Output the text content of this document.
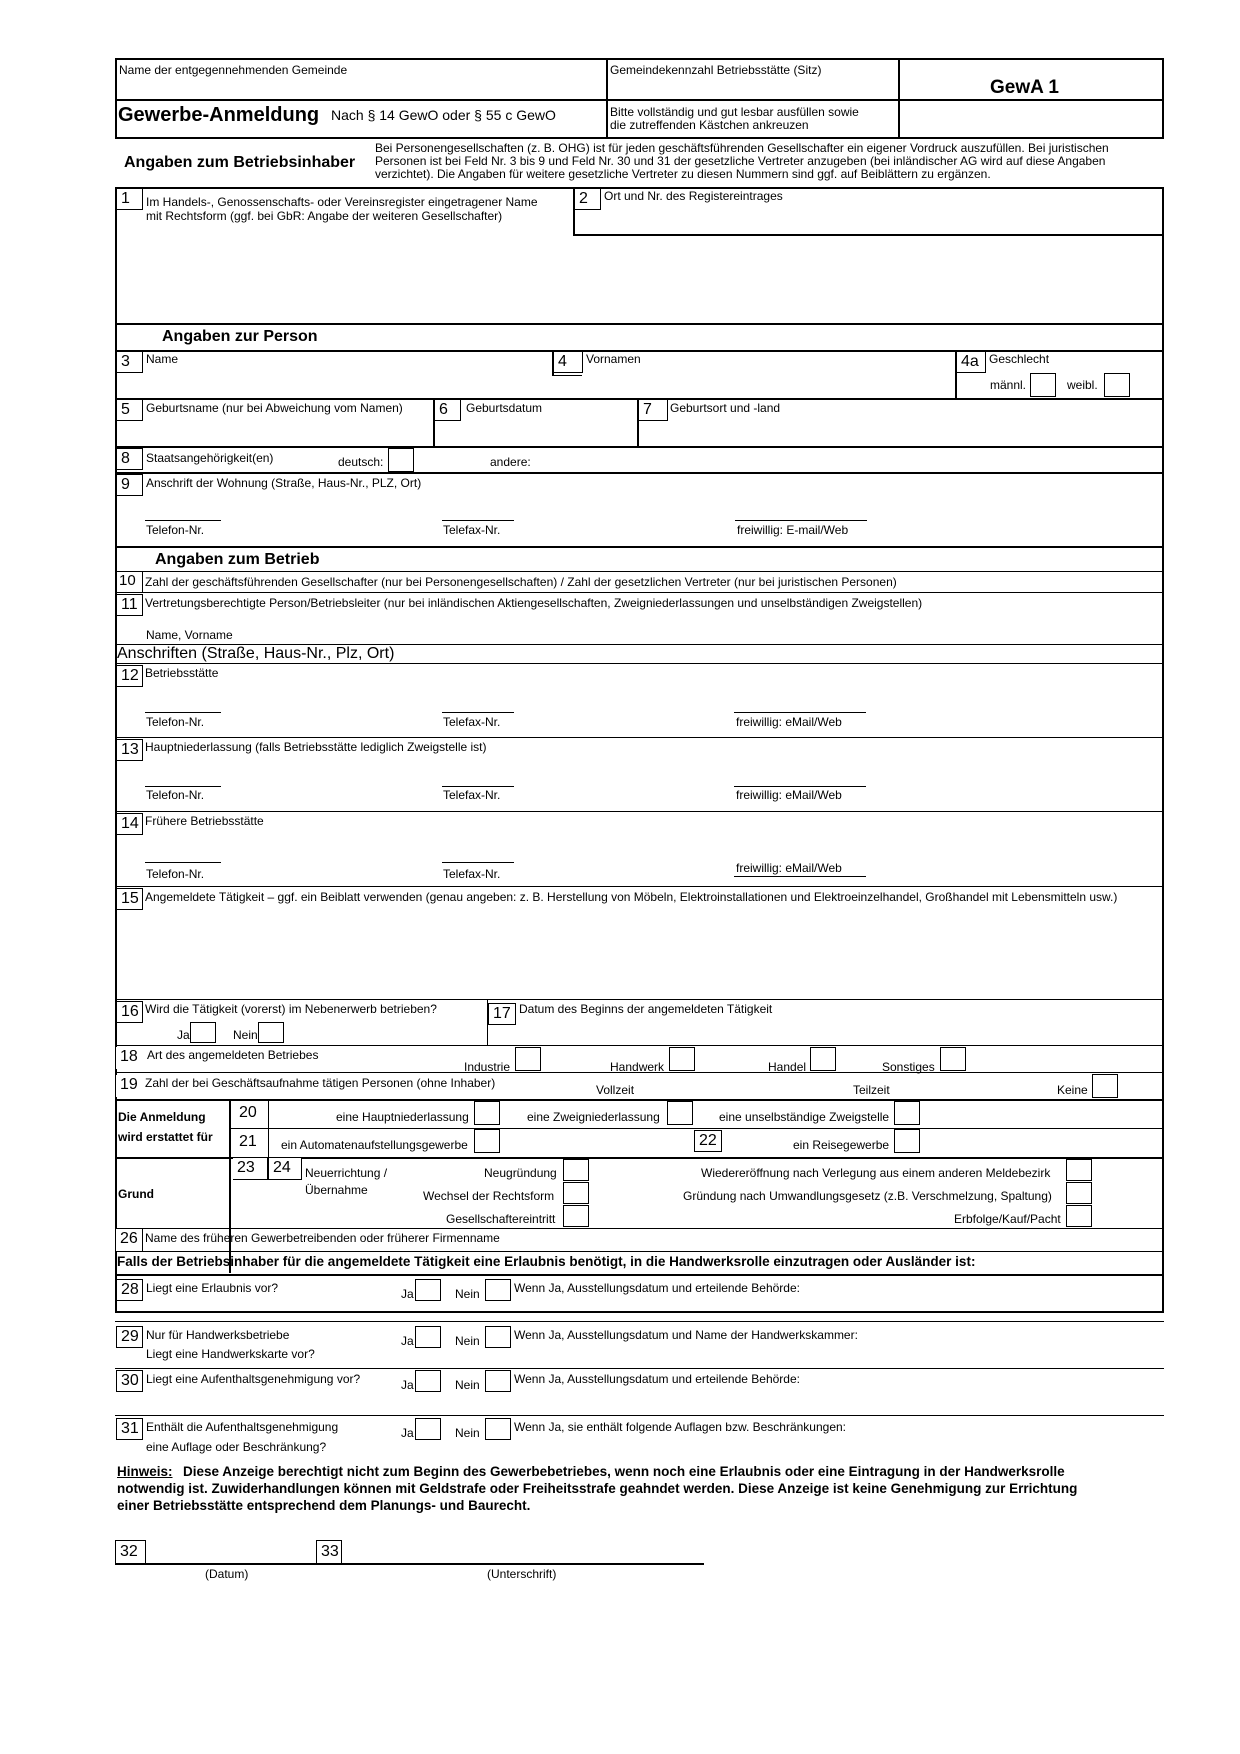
Name der entgegennehmenden Gemeinde	Gemeindekennzahl Betriebsstätte (Sitz)
GewA 1
Gewerbe-Anmeldung Nach § 14 GewO oder § 55 c GewO	Bitte vollständig und gut lesbar ausfüllen sowie
die zutreffenden Kästchen ankreuzen
Angaben zum Betriebsinhaber
Bei Personengesellschaften (z. B. OHG) ist für jeden geschäftsführenden Gesellschafter ein eigener Vordruck auszufüllen. Bei juristischen
Personen ist bei Feld Nr. 3 bis 9 und Feld Nr. 30 und 31 der gesetzliche Vertreter anzugeben (bei inländischer AG wird auf diese Angaben
verzichtet). Die Angaben für weitere gesetzliche Vertreter zu diesen Nummern sind ggf. auf Beiblättern zu ergänzen.
1	Im Handels-, Genossenschafts- oder Vereinsregister eingetragener Name
mit Rechtsform (ggf. bei GbR: Angabe der weiteren Gesellschafter)
2	Ort und Nr. des Registereintrages
Angaben zur Person
3	Name	4	Vornamen	4a Geschlecht
männl.	weibl.
5	Geburtsname (nur bei Abweichung vom Namen)	6	Geburtsdatum	7	Geburtsort und -land
8	Staatsangehörigkeit(en)	deutsch:	andere:
9	Anschrift der Wohnung (Straße, Haus-Nr., PLZ, Ort)
Telefon-Nr.	Telefax-Nr.	freiwillig: E-mail/Web
Angaben zum Betrieb
10 Zahl der geschäftsführenden Gesellschafter (nur bei Personengesellschaften) / Zahl der gesetzlichen Vertreter (nur bei juristischen Personen)
11 Vertretungsberechtigte Person/Betriebsleiter (nur bei inländischen Aktiengesellschaften, Zweigniederlassungen und unselbständigen Zweigstellen)
Name, Vorname
Anschriften (Straße, Haus-Nr., Plz, Ort)
12 Betriebsstätte
Telefon-Nr.	Telefax-Nr.	freiwillig: eMail/Web
13 Hauptniederlassung (falls Betriebsstätte lediglich Zweigstelle ist)
Telefon-Nr.	Telefax-Nr.	freiwillig: eMail/Web
14 Frühere Betriebsstätte
Telefon-Nr.	Telefax-Nr.	freiwillig: eMail/Web
15 Angemeldete Tätigkeit – ggf. ein Beiblatt verwenden (genau angeben: z. B. Herstellung von Möbeln, Elektroinstallationen und Elektroeinzelhandel, Großhandel mit Lebensmitteln usw.)
16 Wird die Tätigkeit (vorerst) im Nebenerwerb betrieben?
Ja	Nein
17 Datum des Beginns der angemeldeten Tätigkeit
18 Art des angemeldeten Betriebes
Industrie	Handwerk	Handel	Sonstiges
19 Zahl der bei Geschäftsaufnahme tätigen Personen (ohne Inhaber)	Vollzeit	Teilzeit	Keine
Die Anmeldung
wird erstattet für
20	eine Hauptniederlassung	eine Zweigniederlassung	eine unselbständige Zweigstelle
21 ein Automatenaufstellungsgewerbe	22	ein Reisegewerbe
Grund
23	24	Neuerrichtung /
Übernahme
Neugründung
Wechsel der Rechtsform
Gesellschaftereintritt
Wiedereröffnung nach Verlegung aus einem anderen Meldebezirk
Gründung nach Umwandlungsgesetz (z.B. Verschmelzung, Spaltung)
Erbfolge/Kauf/Pacht
26 Name des früheren Gewerbetreibenden oder früherer Firmenname
Falls der Betriebsinhaber für die angemeldete Tätigkeit eine Erlaubnis benötigt, in die Handwerksrolle einzutragen oder Ausländer ist:
28 Liegt eine Erlaubnis vor?	Ja	Nein	Wenn Ja, Ausstellungsdatum und erteilende Behörde:
29 Nur für Handwerksbetriebe
Liegt eine Handwerkskarte vor?
Ja	Nein	Wenn Ja, Ausstellungsdatum und Name der Handwerkskammer:
30 Liegt eine Aufenthaltsgenehmigung vor?	Ja	Nein	Wenn Ja, Ausstellungsdatum und erteilende Behörde:
31 Enthält die Aufenthaltsgenehmigung
eine Auflage oder Beschränkung?
Ja	Nein	Wenn Ja, sie enthält folgende Auflagen bzw. Beschränkungen:
Hinweis: Diese Anzeige berechtigt nicht zum Beginn des Gewerbebetriebes, wenn noch eine Erlaubnis oder eine Eintragung in der Handwerksrolle
notwendig ist. Zuwiderhandlungen können mit Geldstrafe oder Freiheitsstrafe geahndet werden. Diese Anzeige ist keine Genehmigung zur Errichtung
einer Betriebsstätte entsprechend dem Planungs- und Baurecht.
32	33
(Datum)	(Unterschrift)
